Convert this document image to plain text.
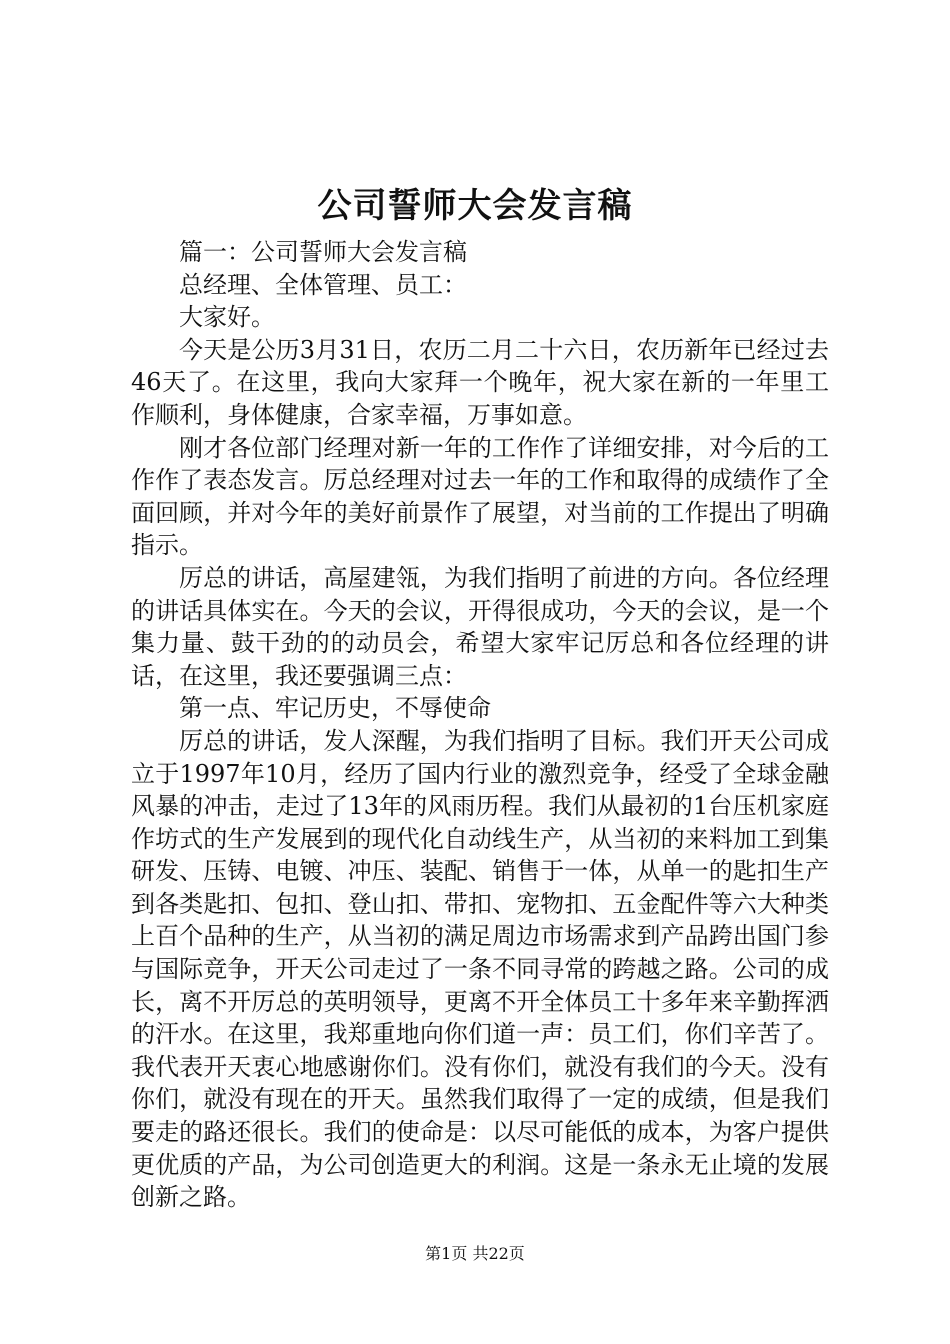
公司誓师大会发言稿

篇一：公司誓师大会发言稿

总经理、全体管理、员工：

大家好。

今天是公历3月31日，农历二月二十六日，农历新年已经过去46天了。在这里，我向大家拜一个晚年，祝大家在新的一年里工作顺利，身体健康，合家幸福，万事如意。

刚才各位部门经理对新一年的工作作了详细安排，对今后的工作作了表态发言。厉总经理对过去一年的工作和取得的成绩作了全面回顾，并对今年的美好前景作了展望，对当前的工作提出了明确指示。

厉总的讲话，高屋建瓴，为我们指明了前进的方向。各位经理的讲话具体实在。今天的会议，开得很成功，今天的会议，是一个集力量、鼓干劲的的动员会，希望大家牢记厉总和各位经理的讲话，在这里，我还要强调三点：

第一点、牢记历史，不辱使命

厉总的讲话，发人深醒，为我们指明了目标。我们开天公司成立于1997年10月，经历了国内行业的激烈竞争，经受了全球金融风暴的冲击，走过了13年的风雨历程。我们从最初的1台压机家庭作坊式的生产发展到的现代化自动线生产，从当初的来料加工到集研发、压铸、电镀、冲压、装配、销售于一体，从单一的匙扣生产到各类匙扣、包扣、登山扣、带扣、宠物扣、五金配件等六大种类上百个品种的生产，从当初的满足周边市场需求到产品跨出国门参与国际竞争，开天公司走过了一条不同寻常的跨越之路。公司的成长，离不开厉总的英明领导，更离不开全体员工十多年来辛勤挥洒的汗水。在这里，我郑重地向你们道一声：员工们，你们辛苦了。我代表开天衷心地感谢你们。没有你们，就没有我们的今天。没有你们，就没有现在的开天。虽然我们取得了一定的成绩，但是我们要走的路还很长。我们的使命是：以尽可能低的成本，为客户提供更优质的产品，为公司创造更大的利润。这是一条永无止境的发展创新之路。

第1页 共22页
